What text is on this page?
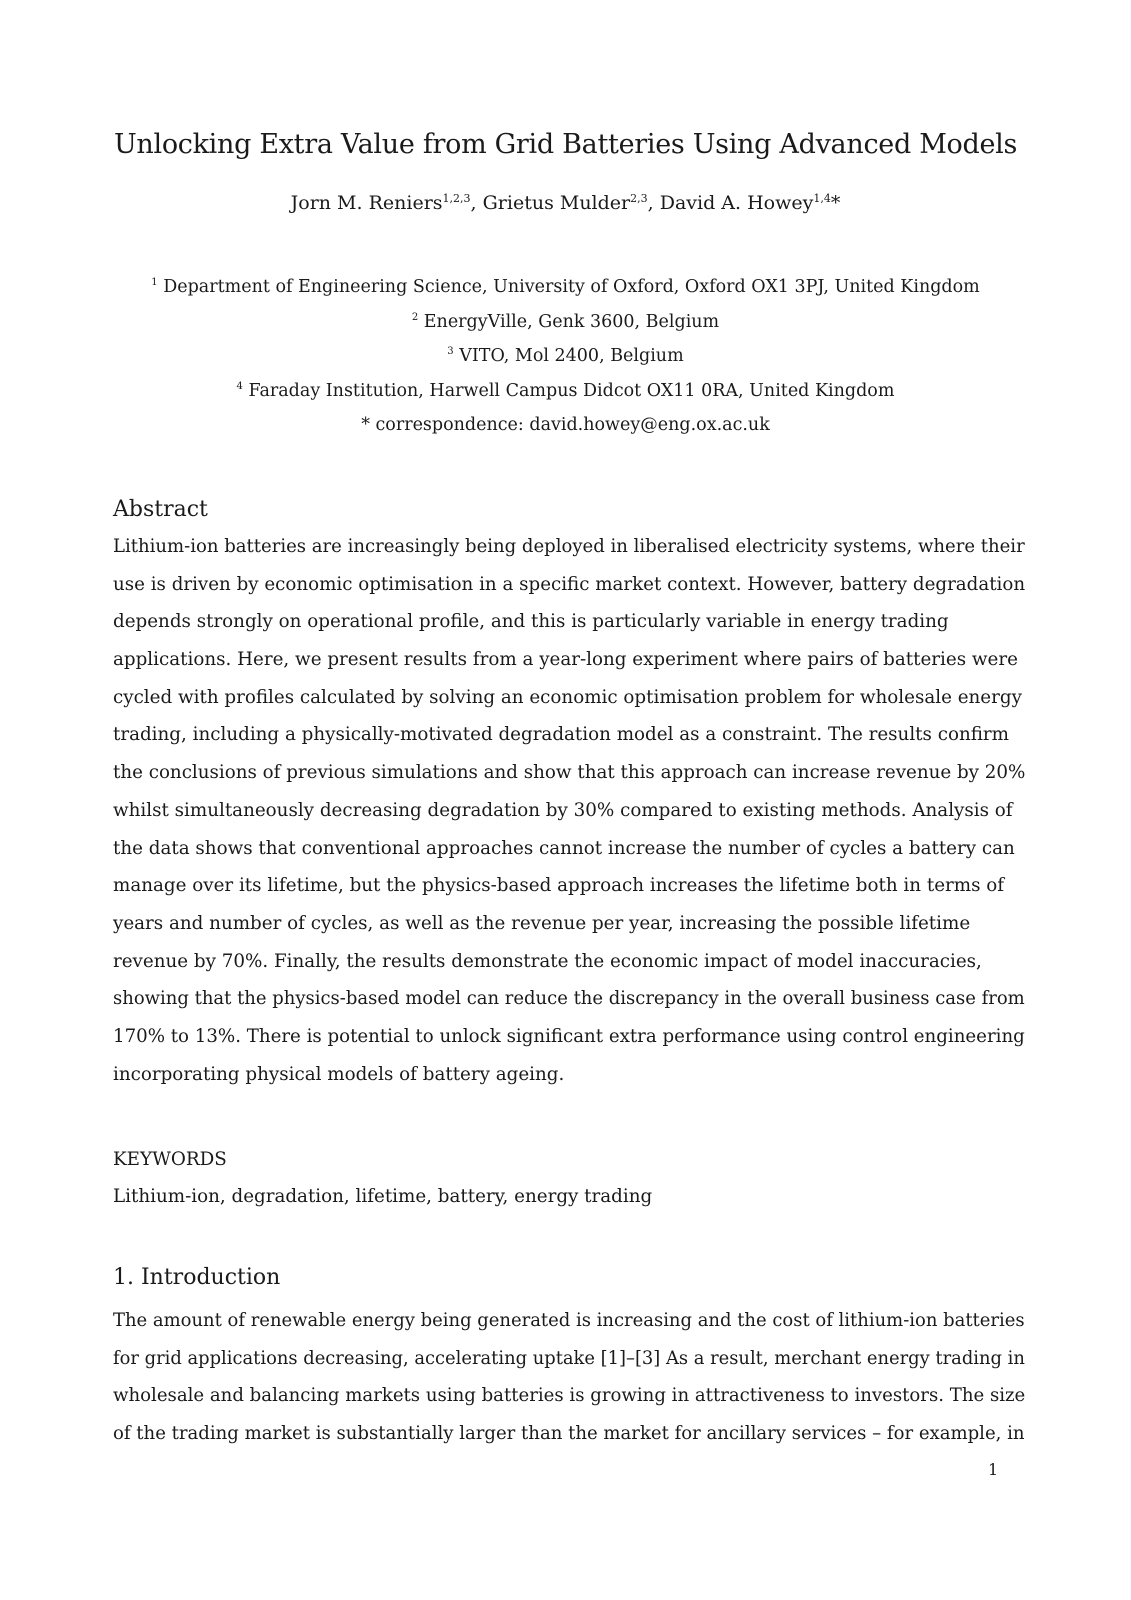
Unlocking Extra Value from Grid Batteries Using Advanced Models
Jorn M. Reniers$^{1,2,3}$, Grietus Mulder$^{2,3}$, David A. Howey$^{1,4}$*
$^1$ Department of Engineering Science, University of Oxford, Oxford OX1 3PJ, United Kingdom
$^2$ EnergyVille, Genk 3600, Belgium
$^3$ VITO, Mol 2400, Belgium
$^4$ Faraday Institution, Harwell Campus Didcot OX11 0RA, United Kingdom
* correspondence: david.howey@eng.ox.ac.uk
Abstract
Lithium-ion batteries are increasingly being deployed in liberalised electricity systems, where their
use is driven by economic optimisation in a specific market context. However, battery degradation
depends strongly on operational profile, and this is particularly variable in energy trading
applications. Here, we present results from a year-long experiment where pairs of batteries were
cycled with profiles calculated by solving an economic optimisation problem for wholesale energy
trading, including a physically-motivated degradation model as a constraint. The results confirm
the conclusions of previous simulations and show that this approach can increase revenue by 20%
whilst simultaneously decreasing degradation by 30% compared to existing methods. Analysis of
the data shows that conventional approaches cannot increase the number of cycles a battery can
manage over its lifetime, but the physics-based approach increases the lifetime both in terms of
years and number of cycles, as well as the revenue per year, increasing the possible lifetime
revenue by 70%. Finally, the results demonstrate the economic impact of model inaccuracies,
showing that the physics-based model can reduce the discrepancy in the overall business case from
170% to 13%. There is potential to unlock significant extra performance using control engineering
incorporating physical models of battery ageing.
KEYWORDS
Lithium-ion, degradation, lifetime, battery, energy trading
1. Introduction
The amount of renewable energy being generated is increasing and the cost of lithium-ion batteries
for grid applications decreasing, accelerating uptake [1]–[3] As a result, merchant energy trading in
wholesale and balancing markets using batteries is growing in attractiveness to investors. The size
of the trading market is substantially larger than the market for ancillary services – for example, in
1
